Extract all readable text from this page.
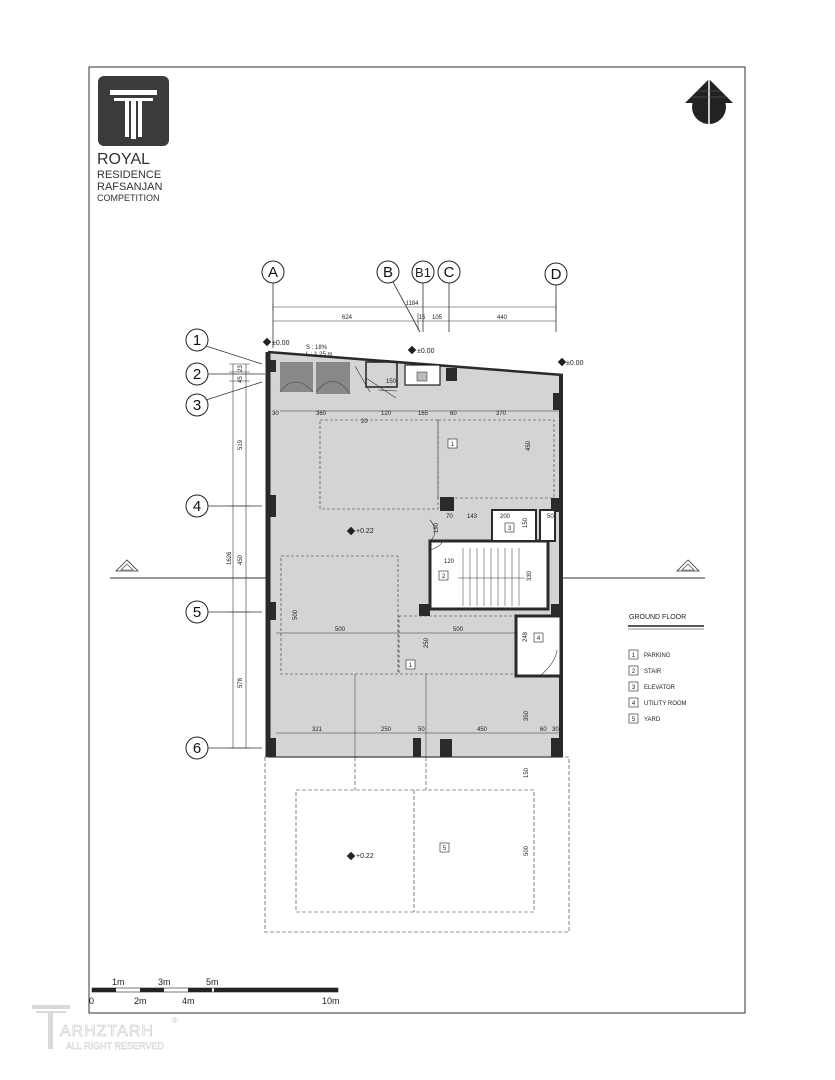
ROYAL
RESIDENCE
RAFSANJAN
COMPETITION
A	B B1 C	D
1184
624	15 105	440
1
2
3
4
5
6
23
45
519
1626 450
578
±0.00
±0.00
±0.00
+0.22
+0.22
S : 18%
L : 1.25 m
30	360	120	165	60	370
20
150
450
70 143	200	50
120
190	150
330
500
500	500
250
248
321	250	50	450	60 30
350
150
500
1
1
2
3
4
5
GROUND FLOOR
1 PARKING
2 STAIR
3 ELEVATOR
4 UTILITY ROOM
5 YARD
1m	3m	5m
0	2m	4m	10m
ARHZTARH
ALL RIGHT RESERVED
®
